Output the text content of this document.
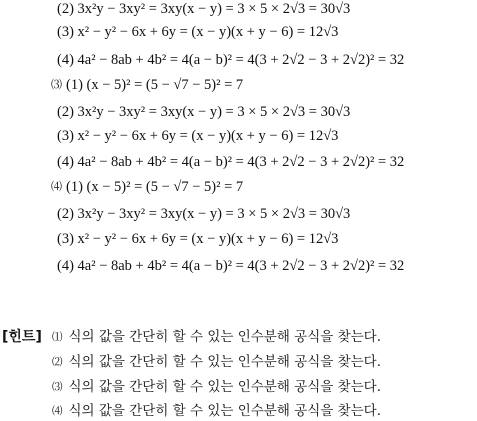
(2) 3x²y − 3xy² = 3xy(x − y) = 3 × 5 × 2√3 = 30√3
(3) x² − y² − 6x + 6y = (x − y)(x + y − 6) = 12√3
(4) 4a² − 8ab + 4b² = 4(a − b)² = 4(3 + 2√2 − 3 + 2√2)² = 32
⑶ (1) (x − 5)² = (5 − √7 − 5)² = 7
(2) 3x²y − 3xy² = 3xy(x − y) = 3 × 5 × 2√3 = 30√3
(3) x² − y² − 6x + 6y = (x − y)(x + y − 6) = 12√3
(4) 4a² − 8ab + 4b² = 4(a − b)² = 4(3 + 2√2 − 3 + 2√2)² = 32
⑷ (1) (x − 5)² = (5 − √7 − 5)² = 7
(2) 3x²y − 3xy² = 3xy(x − y) = 3 × 5 × 2√3 = 30√3
(3) x² − y² − 6x + 6y = (x − y)(x + y − 6) = 12√3
(4) 4a² − 8ab + 4b² = 4(a − b)² = 4(3 + 2√2 − 3 + 2√2)² = 32
[힌트] ⑴ 식의 값을 간단히 할 수 있는 인수분해 공식을 찾는다.
⑵ 식의 값을 간단히 할 수 있는 인수분해 공식을 찾는다.
⑶ 식의 값을 간단히 할 수 있는 인수분해 공식을 찾는다.
⑷ 식의 값을 간단히 할 수 있는 인수분해 공식을 찾는다.
